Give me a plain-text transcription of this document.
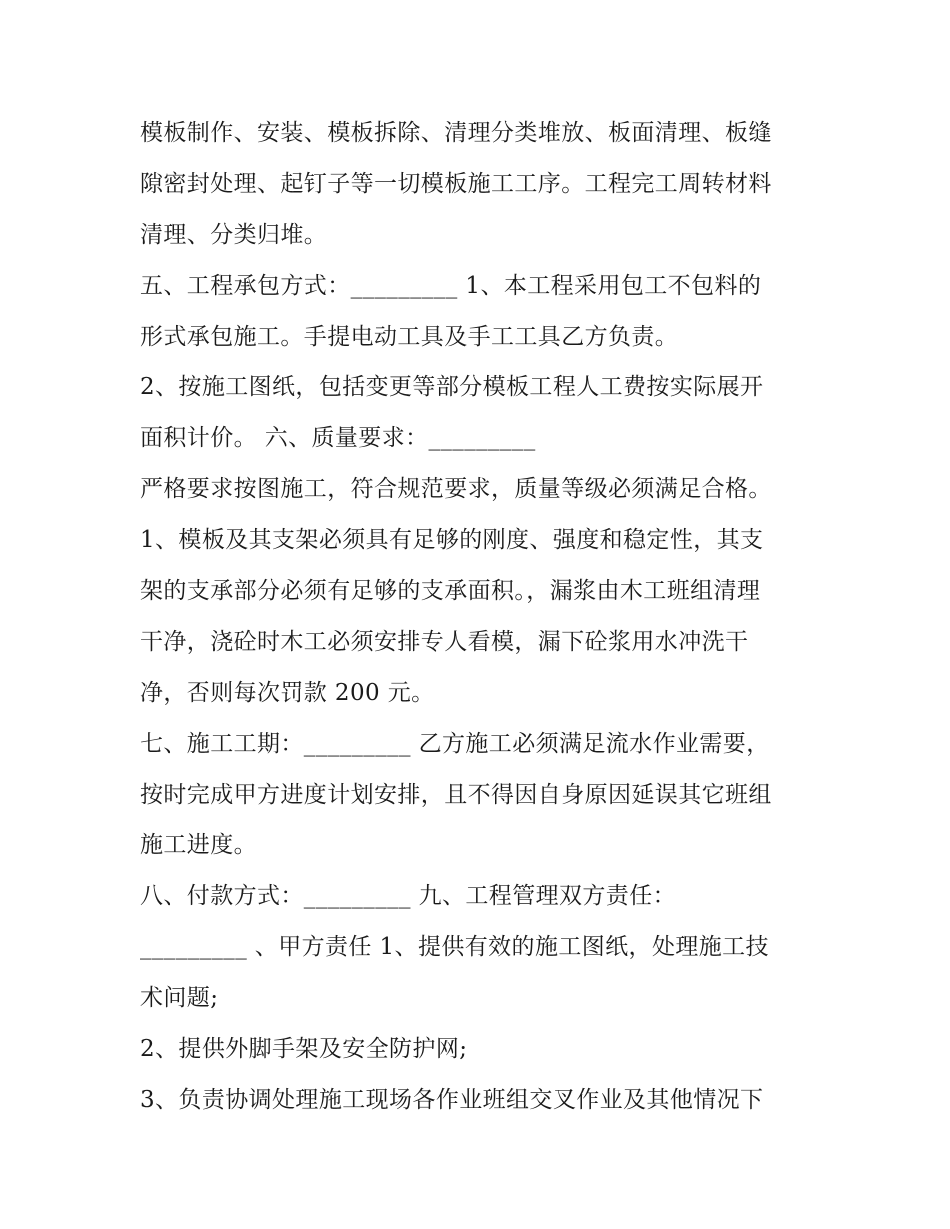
模板制作、安装、模板拆除、清理分类堆放、板面清理、板缝
隙密封处理、起钉子等一切模板施工工序。工程完工周转材料
清理、分类归堆。
五、工程承包方式：_________ 1、本工程采用包工不包料的
形式承包施工。手提电动工具及手工工具乙方负责。
2、按施工图纸，包括变更等部分模板工程人工费按实际展开
面积计价。 六、质量要求：_________
严格要求按图施工，符合规范要求，质量等级必须满足合格。
1、模板及其支架必须具有足够的刚度、强度和稳定性，其支
架的支承部分必须有足够的支承面积。，漏浆由木工班组清理
干净，浇砼时木工必须安排专人看模，漏下砼浆用水冲洗干
净，否则每次罚款 200 元。
七、施工工期：_________ 乙方施工必须满足流水作业需要，
按时完成甲方进度计划安排，且不得因自身原因延误其它班组
施工进度。
八、付款方式：_________ 九、工程管理双方责任：
_________ 、甲方责任 1、提供有效的施工图纸，处理施工技
术问题;
2、提供外脚手架及安全防护网;
3、负责协调处理施工现场各作业班组交叉作业及其他情况下
